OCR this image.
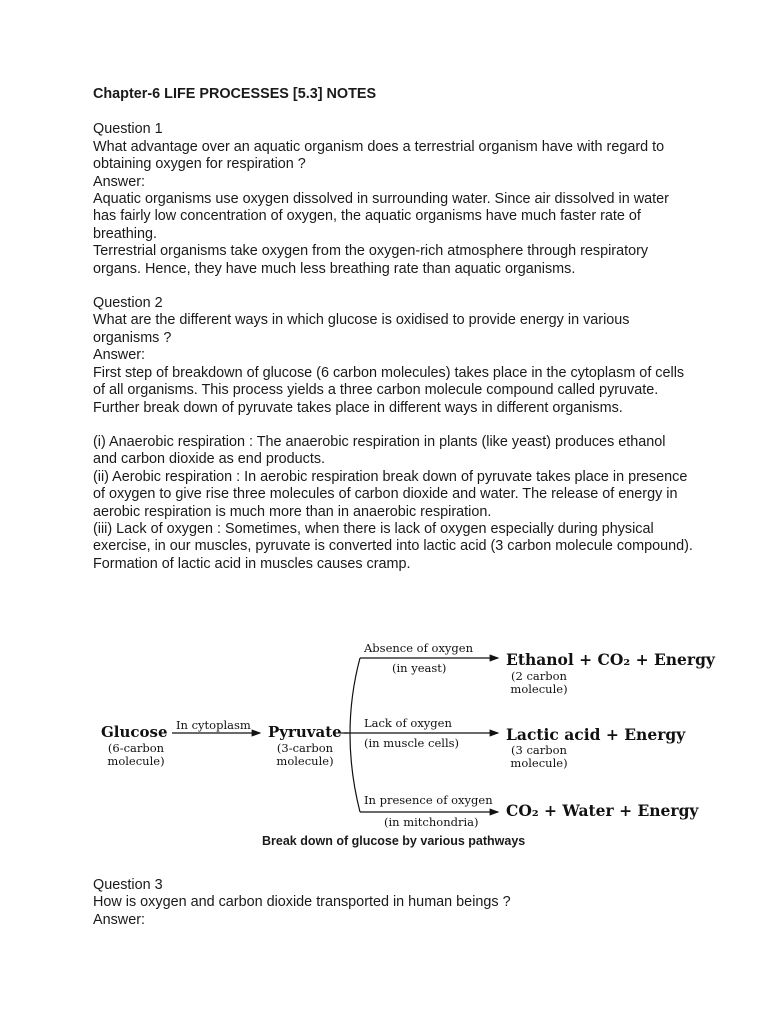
Chapter-6 LIFE PROCESSES [5.3] NOTES

Question 1

What advantage over an aquatic organism does a terrestrial organism have with regard to obtaining oxygen for respiration ?

Answer:

Aquatic organisms use oxygen dissolved in surrounding water. Since air dissolved in water has fairly low concentration of oxygen, the aquatic organisms have much faster rate of breathing.

Terrestrial organisms take oxygen from the oxygen-rich atmosphere through respiratory organs. Hence, they have much less breathing rate than aquatic organisms.

Question 2

What are the different ways in which glucose is oxidised to provide energy in various organisms ?

Answer:

First step of breakdown of glucose (6 carbon molecules) takes place in the cytoplasm of cells of all organisms. This process yields a three carbon molecule compound called pyruvate.

Further break down of pyruvate takes place in different ways in different organisms.

(i) Anaerobic respiration : The anaerobic respiration in plants (like yeast) produces ethanol and carbon dioxide as end products.

(ii) Aerobic respiration : In aerobic respiration break down of pyruvate takes place in presence of oxygen to give rise three molecules of carbon dioxide and water. The release of energy in aerobic respiration is much more than in anaerobic respiration.

(iii) Lack of oxygen : Sometimes, when there is lack of oxygen especially during physical exercise, in our muscles, pyruvate is converted into lactic acid (3 carbon molecule compound). Formation of lactic acid in muscles causes cramp.

Glucose
(6-carbon molecule)
In cytoplasm Pyruvate
(3-carbon molecule)
Absence of oxygen
(in yeast)	Ethanol + CO₂ + Energy
(2 carbon molecule)
Lack of oxygen
(in muscle cells)	Lactic acid + Energy
(3 carbon molecule)
In presence of oxygen
(in mitchondria)
CO₂ + Water + Energy
Break down of glucose by various pathways

Question 3

How is oxygen and carbon dioxide transported in human beings ?

Answer:
